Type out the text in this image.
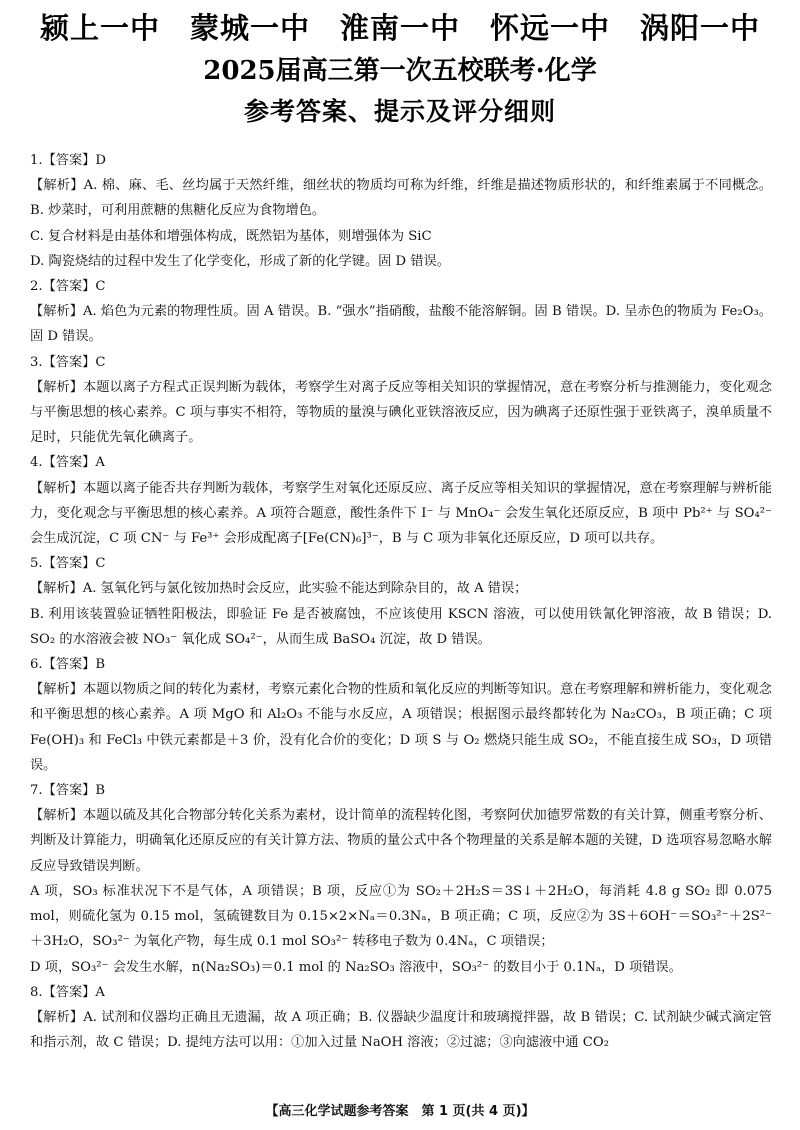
颍上一中　蒙城一中　淮南一中　怀远一中　涡阳一中
2025届高三第一次五校联考·化学
参考答案、提示及评分细则

1.【答案】D

【解析】A. 棉、麻、毛、丝均属于天然纤维，细丝状的物质均可称为纤维，纤维是描述物质形状的，和纤维素属于不同概念。B. 炒菜时，可利用蔗糖的焦糖化反应为食物增色。

C. 复合材料是由基体和增强体构成，既然铝为基体，则增强体为 SiC

D. 陶瓷烧结的过程中发生了化学变化，形成了新的化学键。固 D 错误。

2.【答案】C

【解析】A. 焰色为元素的物理性质。固 A 错误。B. “强水”指硝酸，盐酸不能溶解铜。固 B 错误。D. 呈赤色的物质为 Fe₂O₃。固 D 错误。

3.【答案】C

【解析】本题以离子方程式正误判断为载体，考察学生对离子反应等相关知识的掌握情况，意在考察分析与推测能力，变化观念与平衡思想的核心素养。C 项与事实不相符，等物质的量溴与碘化亚铁溶液反应，因为碘离子还原性强于亚铁离子，溴单质量不足时，只能优先氧化碘离子。

4.【答案】A

【解析】本题以离子能否共存判断为载体，考察学生对氧化还原反应、离子反应等相关知识的掌握情况，意在考察理解与辨析能力，变化观念与平衡思想的核心素养。A 项符合题意，酸性条件下 I⁻ 与 MnO₄⁻ 会发生氧化还原反应，B 项中 Pb²⁺ 与 SO₄²⁻ 会生成沉淀，C 项 CN⁻ 与 Fe³⁺ 会形成配离子[Fe(CN)₆]³⁻，B 与 C 项为非氧化还原反应，D 项可以共存。

5.【答案】C

【解析】A. 氢氧化钙与氯化铵加热时会反应，此实验不能达到除杂目的，故 A 错误；

B. 利用该装置验证牺牲阳极法，即验证 Fe 是否被腐蚀，不应该使用 KSCN 溶液，可以使用铁氰化钾溶液，故 B 错误；D. SO₂ 的水溶液会被 NO₃⁻ 氧化成 SO₄²⁻，从而生成 BaSO₄ 沉淀，故 D 错误。

6.【答案】B

【解析】本题以物质之间的转化为素材，考察元素化合物的性质和氧化反应的判断等知识。意在考察理解和辨析能力，变化观念和平衡思想的核心素养。A 项 MgO 和 Al₂O₃ 不能与水反应，A 项错误；根据图示最终都转化为 Na₂CO₃，B 项正确；C 项 Fe(OH)₃ 和 FeCl₃ 中铁元素都是＋3 价，没有化合价的变化；D 项 S 与 O₂ 燃烧只能生成 SO₂，不能直接生成 SO₃，D 项错误。

7.【答案】B

【解析】本题以硫及其化合物部分转化关系为素材，设计简单的流程转化图，考察阿伏加德罗常数的有关计算，侧重考察分析、判断及计算能力，明确氧化还原反应的有关计算方法、物质的量公式中各个物理量的关系是解本题的关键，D 选项容易忽略水解反应导致错误判断。

A 项，SO₃ 标准状况下不是气体，A 项错误；B 项，反应①为 SO₂＋2H₂S＝3S↓＋2H₂O，每消耗 4.8 g SO₂ 即 0.075 mol，则硫化氢为 0.15 mol，氢硫键数目为 0.15×2×Nₐ＝0.3Nₐ，B 项正确；C 项，反应②为 3S＋6OH⁻＝SO₃²⁻＋2S²⁻＋3H₂O，SO₃²⁻ 为氧化产物，每生成 0.1 mol SO₃²⁻ 转移电子数为 0.4Nₐ，C 项错误；

D 项，SO₃²⁻ 会发生水解，n(Na₂SO₃)＝0.1 mol 的 Na₂SO₃ 溶液中，SO₃²⁻ 的数目小于 0.1Nₐ，D 项错误。

8.【答案】A

【解析】A. 试剂和仪器均正确且无遗漏，故 A 项正确；B. 仪器缺少温度计和玻璃搅拌器，故 B 错误；C. 试剂缺少碱式滴定管和指示剂，故 C 错误；D. 提纯方法可以用：①加入过量 NaOH 溶液；②过滤；③向滤液中通 CO₂

【高三化学试题参考答案　第 1 页(共 4 页)】
